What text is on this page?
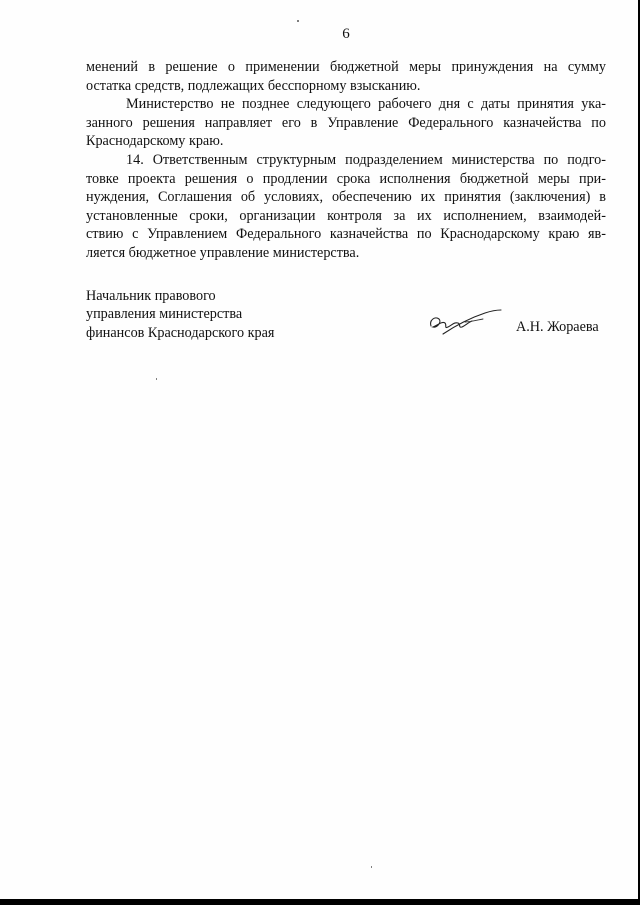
6

менений в решение о применении бюджетной меры принуждения на сумму
остатка средств, подлежащих бесспорному взысканию.

Министерство не позднее следующего рабочего дня с даты принятия ука-
занного решения направляет его в Управление Федерального казначейства по
Краснодарскому краю.

14. Ответственным структурным подразделением министерства по подго-
товке проекта решения о продлении срока исполнения бюджетной меры при-
нуждения, Соглашения об условиях, обеспечению их принятия (заключения) в
установленные сроки, организации контроля за их исполнением, взаимодей-
ствию с Управлением Федерального казначейства по Краснодарскому краю яв-
ляется бюджетное управление министерства.

Начальник правового
управления министерства
финансов Краснодарского края	А.Н. Жораева
